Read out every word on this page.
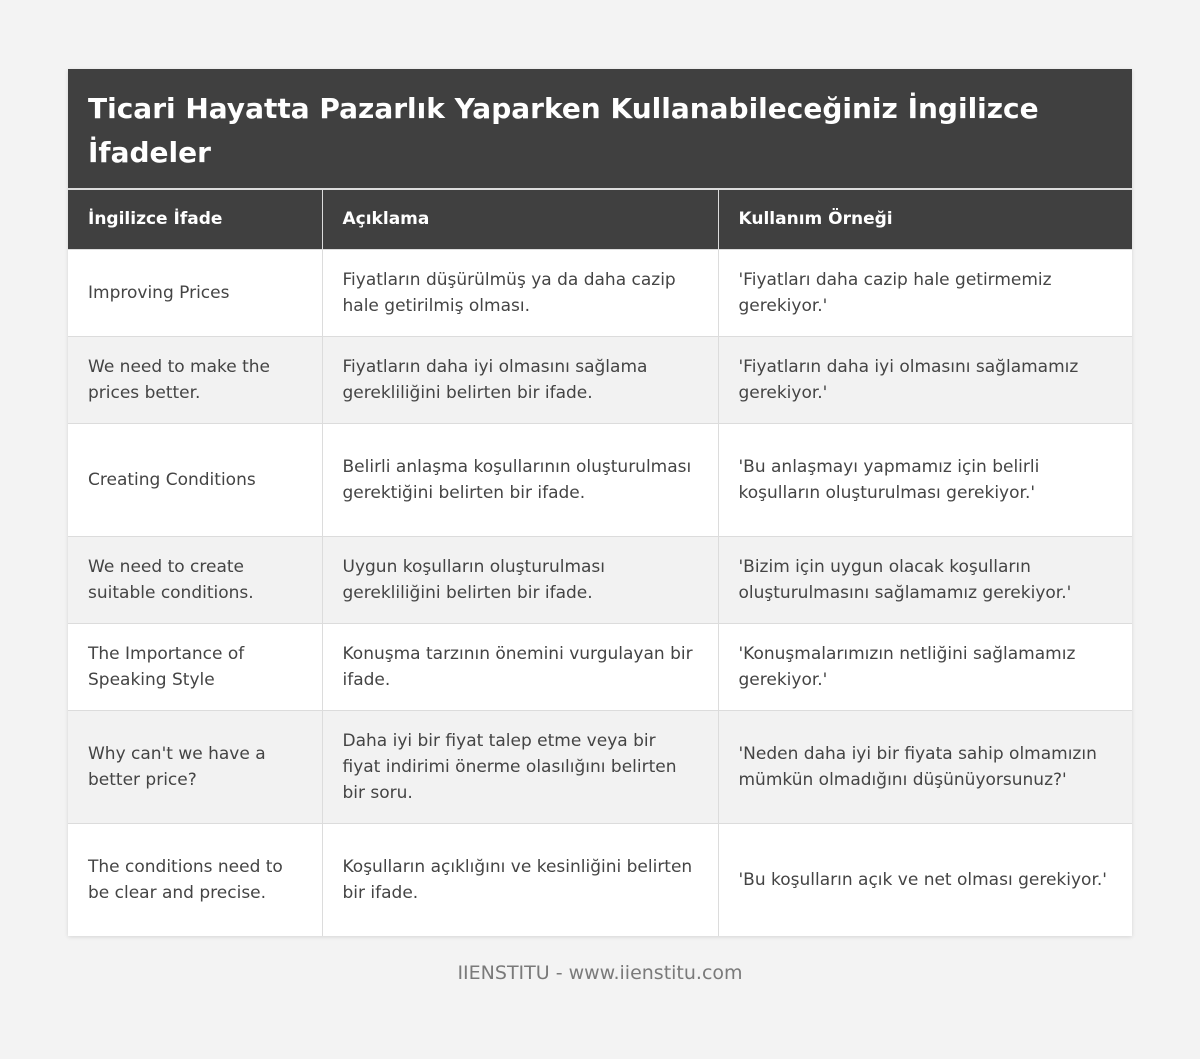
Ticari Hayatta Pazarlık Yaparken Kullanabileceğiniz İngilizce İfadeler
İngilizce İfade	Açıklama	Kullanım Örneği
Improving Prices	Fiyatların düşürülmüş ya da daha cazip hale getirilmiş olması.	'Fiyatları daha cazip hale getirmemiz gerekiyor.'
We need to make the prices better.	Fiyatların daha iyi olmasını sağlama gerekliliğini belirten bir ifade.	'Fiyatların daha iyi olmasını sağlamamız gerekiyor.'
Creating Conditions	Belirli anlaşma koşullarının oluşturulması gerektiğini belirten bir ifade.	'Bu anlaşmayı yapmamız için belirli koşulların oluşturulması gerekiyor.'
We need to create suitable conditions.	Uygun koşulların oluşturulması gerekliliğini belirten bir ifade.	'Bizim için uygun olacak koşulların oluşturulmasını sağlamamız gerekiyor.'
The Importance of Speaking Style	Konuşma tarzının önemini vurgulayan bir ifade.	'Konuşmalarımızın netliğini sağlamamız gerekiyor.'
Why can't we have a better price?	Daha iyi bir fiyat talep etme veya bir fiyat indirimi önerme olasılığını belirten bir soru.	'Neden daha iyi bir fiyata sahip olmamızın mümkün olmadığını düşünüyorsunuz?'
The conditions need to be clear and precise.	Koşulların açıklığını ve kesinliğini belirten bir ifade.	'Bu koşulların açık ve net olması gerekiyor.'
IIENSTITU - www.iienstitu.com
